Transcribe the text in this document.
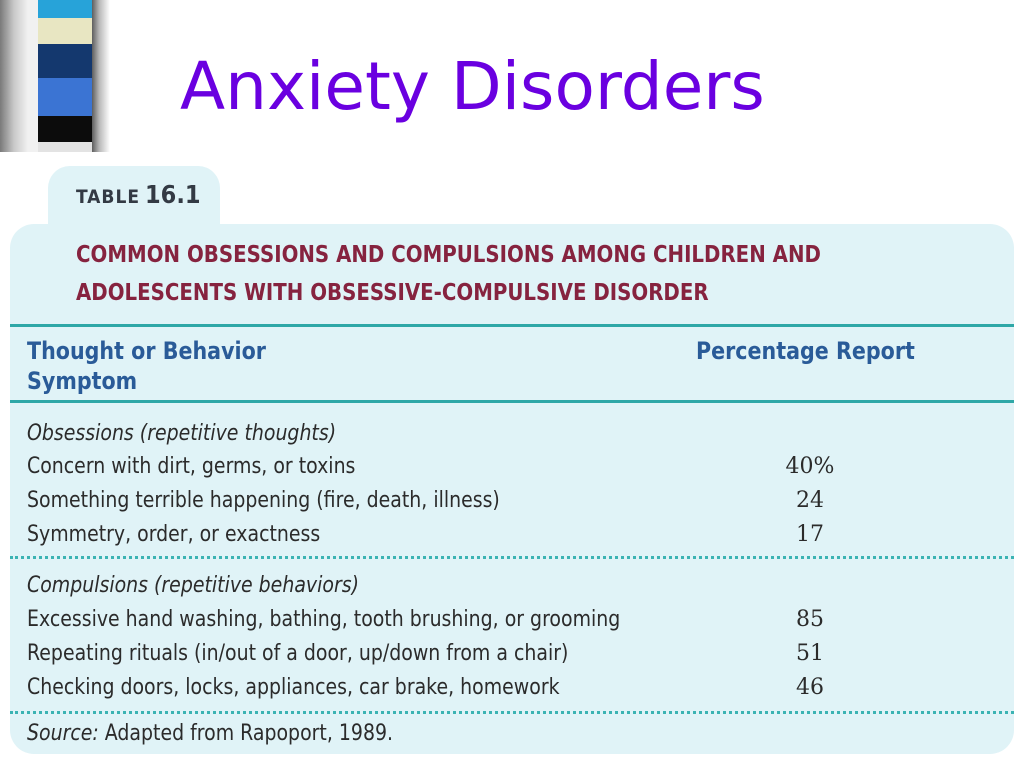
Anxiety Disorders
TABLE 16.1
COMMON OBSESSIONS AND COMPULSIONS AMONG CHILDREN AND
ADOLESCENTS WITH OBSESSIVE-COMPULSIVE DISORDER
Thought or Behavior
Symptom
Percentage Report
Obsessions (repetitive thoughts)
Concern with dirt, germs, or toxins	40%
Something terrible happening (fire, death, illness)	24
Symmetry, order, or exactness	17
Compulsions (repetitive behaviors)
Excessive hand washing, bathing, tooth brushing, or grooming	85
Repeating rituals (in/out of a door, up/down from a chair)	51
Checking doors, locks, appliances, car brake, homework	46
Source: Adapted from Rapoport, 1989.
